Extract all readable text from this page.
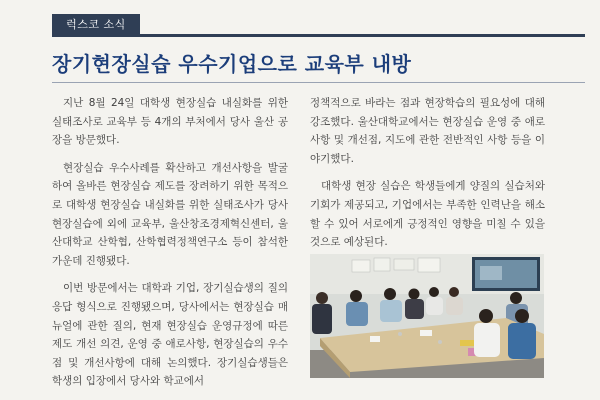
럭스코 소식
장기현장실습 우수기업으로 교육부 내방

지난 8월 24일 대학생 현장실습 내실화를 위한 실태조사로 교육부 등 4개의 부처에서 당사 울산 공장을 방문했다.

현장실습 우수사례를 확산하고 개선사항을 발굴하여 올바른 현장실습 제도를 장려하기 위한 목적으로 대학생 현장실습 내실화를 위한 실태조사가 당사 현장실습에 외에 교육부, 울산창조경제혁신센터, 울산대학교 산학협, 산학협력정책연구소 등이 참석한 가운데 진행됐다.

이번 방문에서는 대학과 기업, 장기실습생의 질의응답 형식으로 진행됐으며, 당사에서는 현장실습 매뉴얼에 관한 질의, 현재 현장실습 운영규정에 따른 제도 개선 의견, 운영 중 애로사항, 현장실습의 우수점 및 개선사항에 대해 논의했다. 장기실습생들은 학생의 입장에서 당사와 학교에서

정책적으로 바라는 점과 현장학습의 필요성에 대해 강조했다. 울산대학교에서는 현장실습 운영 중 애로사항 및 개선점, 지도에 관한 전반적인 사항 등을 이야기했다.

대학생 현장 실습은 학생들에게 양질의 실습처와 기회가 제공되고, 기업에서는 부족한 인력난을 해소 할 수 있어 서로에게 긍정적인 영향을 미칠 수 있을 것으로 예상된다.
